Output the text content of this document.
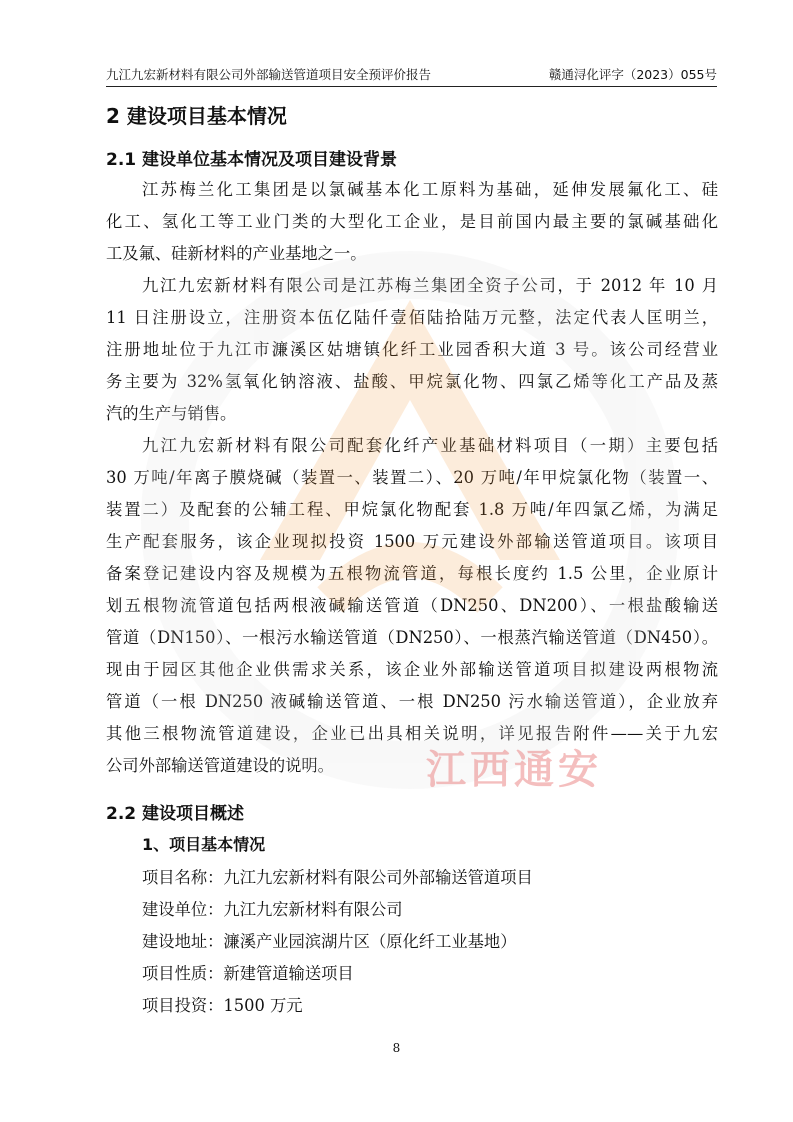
九江九宏新材料有限公司外部输送管道项目安全预评价报告	赣通浔化评字（2023）055号
2 建设项目基本情况
2.1 建设单位基本情况及项目建设背景
江苏梅兰化工集团是以氯碱基本化工原料为基础，延伸发展氟化工、硅
化工、氢化工等工业门类的大型化工企业，是目前国内最主要的氯碱基础化
工及氟、硅新材料的产业基地之一。
九江九宏新材料有限公司是江苏梅兰集团全资子公司，于 2012 年 10 月
11 日注册设立，注册资本伍亿陆仟壹佰陆拾陆万元整，法定代表人匡明兰，
注册地址位于九江市濂溪区姑塘镇化纤工业园香积大道 3 号。该公司经营业
务主要为 32%氢氧化钠溶液、盐酸、甲烷氯化物、四氯乙烯等化工产品及蒸
汽的生产与销售。
九江九宏新材料有限公司配套化纤产业基础材料项目（一期）主要包括
30 万吨/年离子膜烧碱（装置一、装置二）、20 万吨/年甲烷氯化物（装置一、
装置二）及配套的公辅工程、甲烷氯化物配套 1.8 万吨/年四氯乙烯，为满足
生产配套服务，该企业现拟投资 1500 万元建设外部输送管道项目。该项目
备案登记建设内容及规模为五根物流管道，每根长度约 1.5 公里，企业原计
划五根物流管道包括两根液碱输送管道（DN250、DN200）、一根盐酸输送
管道（DN150）、一根污水输送管道（DN250）、一根蒸汽输送管道（DN450）。
现由于园区其他企业供需求关系，该企业外部输送管道项目拟建设两根物流
管道（一根 DN250 液碱输送管道、一根 DN250 污水输送管道），企业放弃
其他三根物流管道建设，企业已出具相关说明，详见报告附件——关于九宏
公司外部输送管道建设的说明。
2.2 建设项目概述
1、项目基本情况
项目名称：九江九宏新材料有限公司外部输送管道项目
建设单位：九江九宏新材料有限公司
建设地址：濂溪产业园滨湖片区（原化纤工业基地）
项目性质：新建管道输送项目
项目投资：1500 万元
8
江西通安
